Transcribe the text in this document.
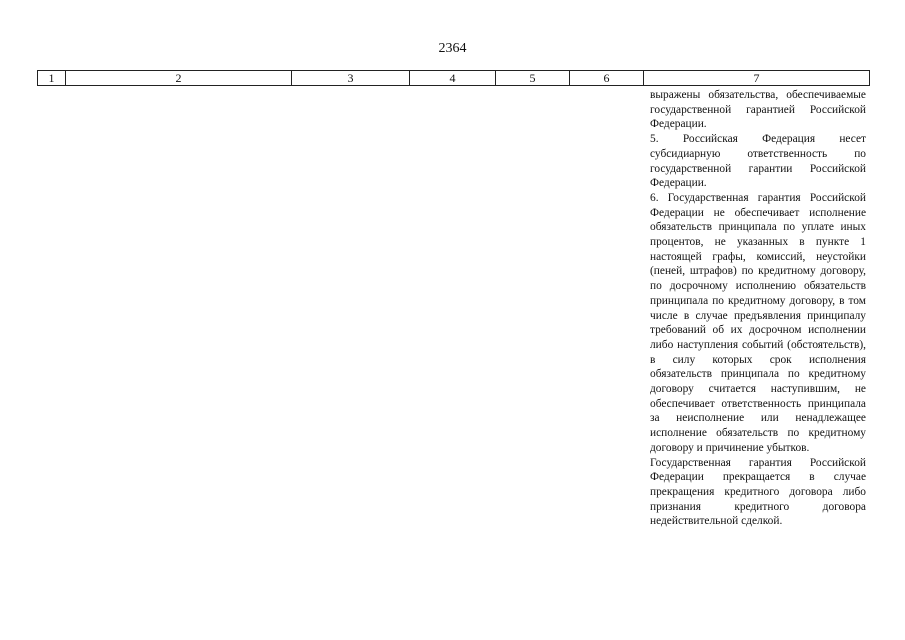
2364
1	2	3	4	5	6	7

выражены обязательства, обеспечиваемые государственной гарантией Российской Федерации.

5. Российская Федерация несет субсидиарную ответственность по государственной гарантии Российской Федерации.

6. Государственная гарантия Российской Федерации не обеспечивает исполнение обязательств принципала по уплате иных процентов, не указанных в пункте 1 настоящей графы, комиссий, неустойки (пеней, штрафов) по кредитному договору, по досрочному исполнению обязательств принципала по кредитному договору, в том числе в случае предъявления принципалу требований об их досрочном исполнении либо наступления событий (обстоятельств), в силу которых срок исполнения обязательств принципала по кредитному договору считается наступившим, не обеспечивает ответственность принципала за неисполнение или ненадлежащее исполнение обязательств по кредитному договору и причинение убытков.

Государственная гарантия Российской Федерации прекращается в случае прекращения кредитного договора либо признания кредитного договора недействительной сделкой.
